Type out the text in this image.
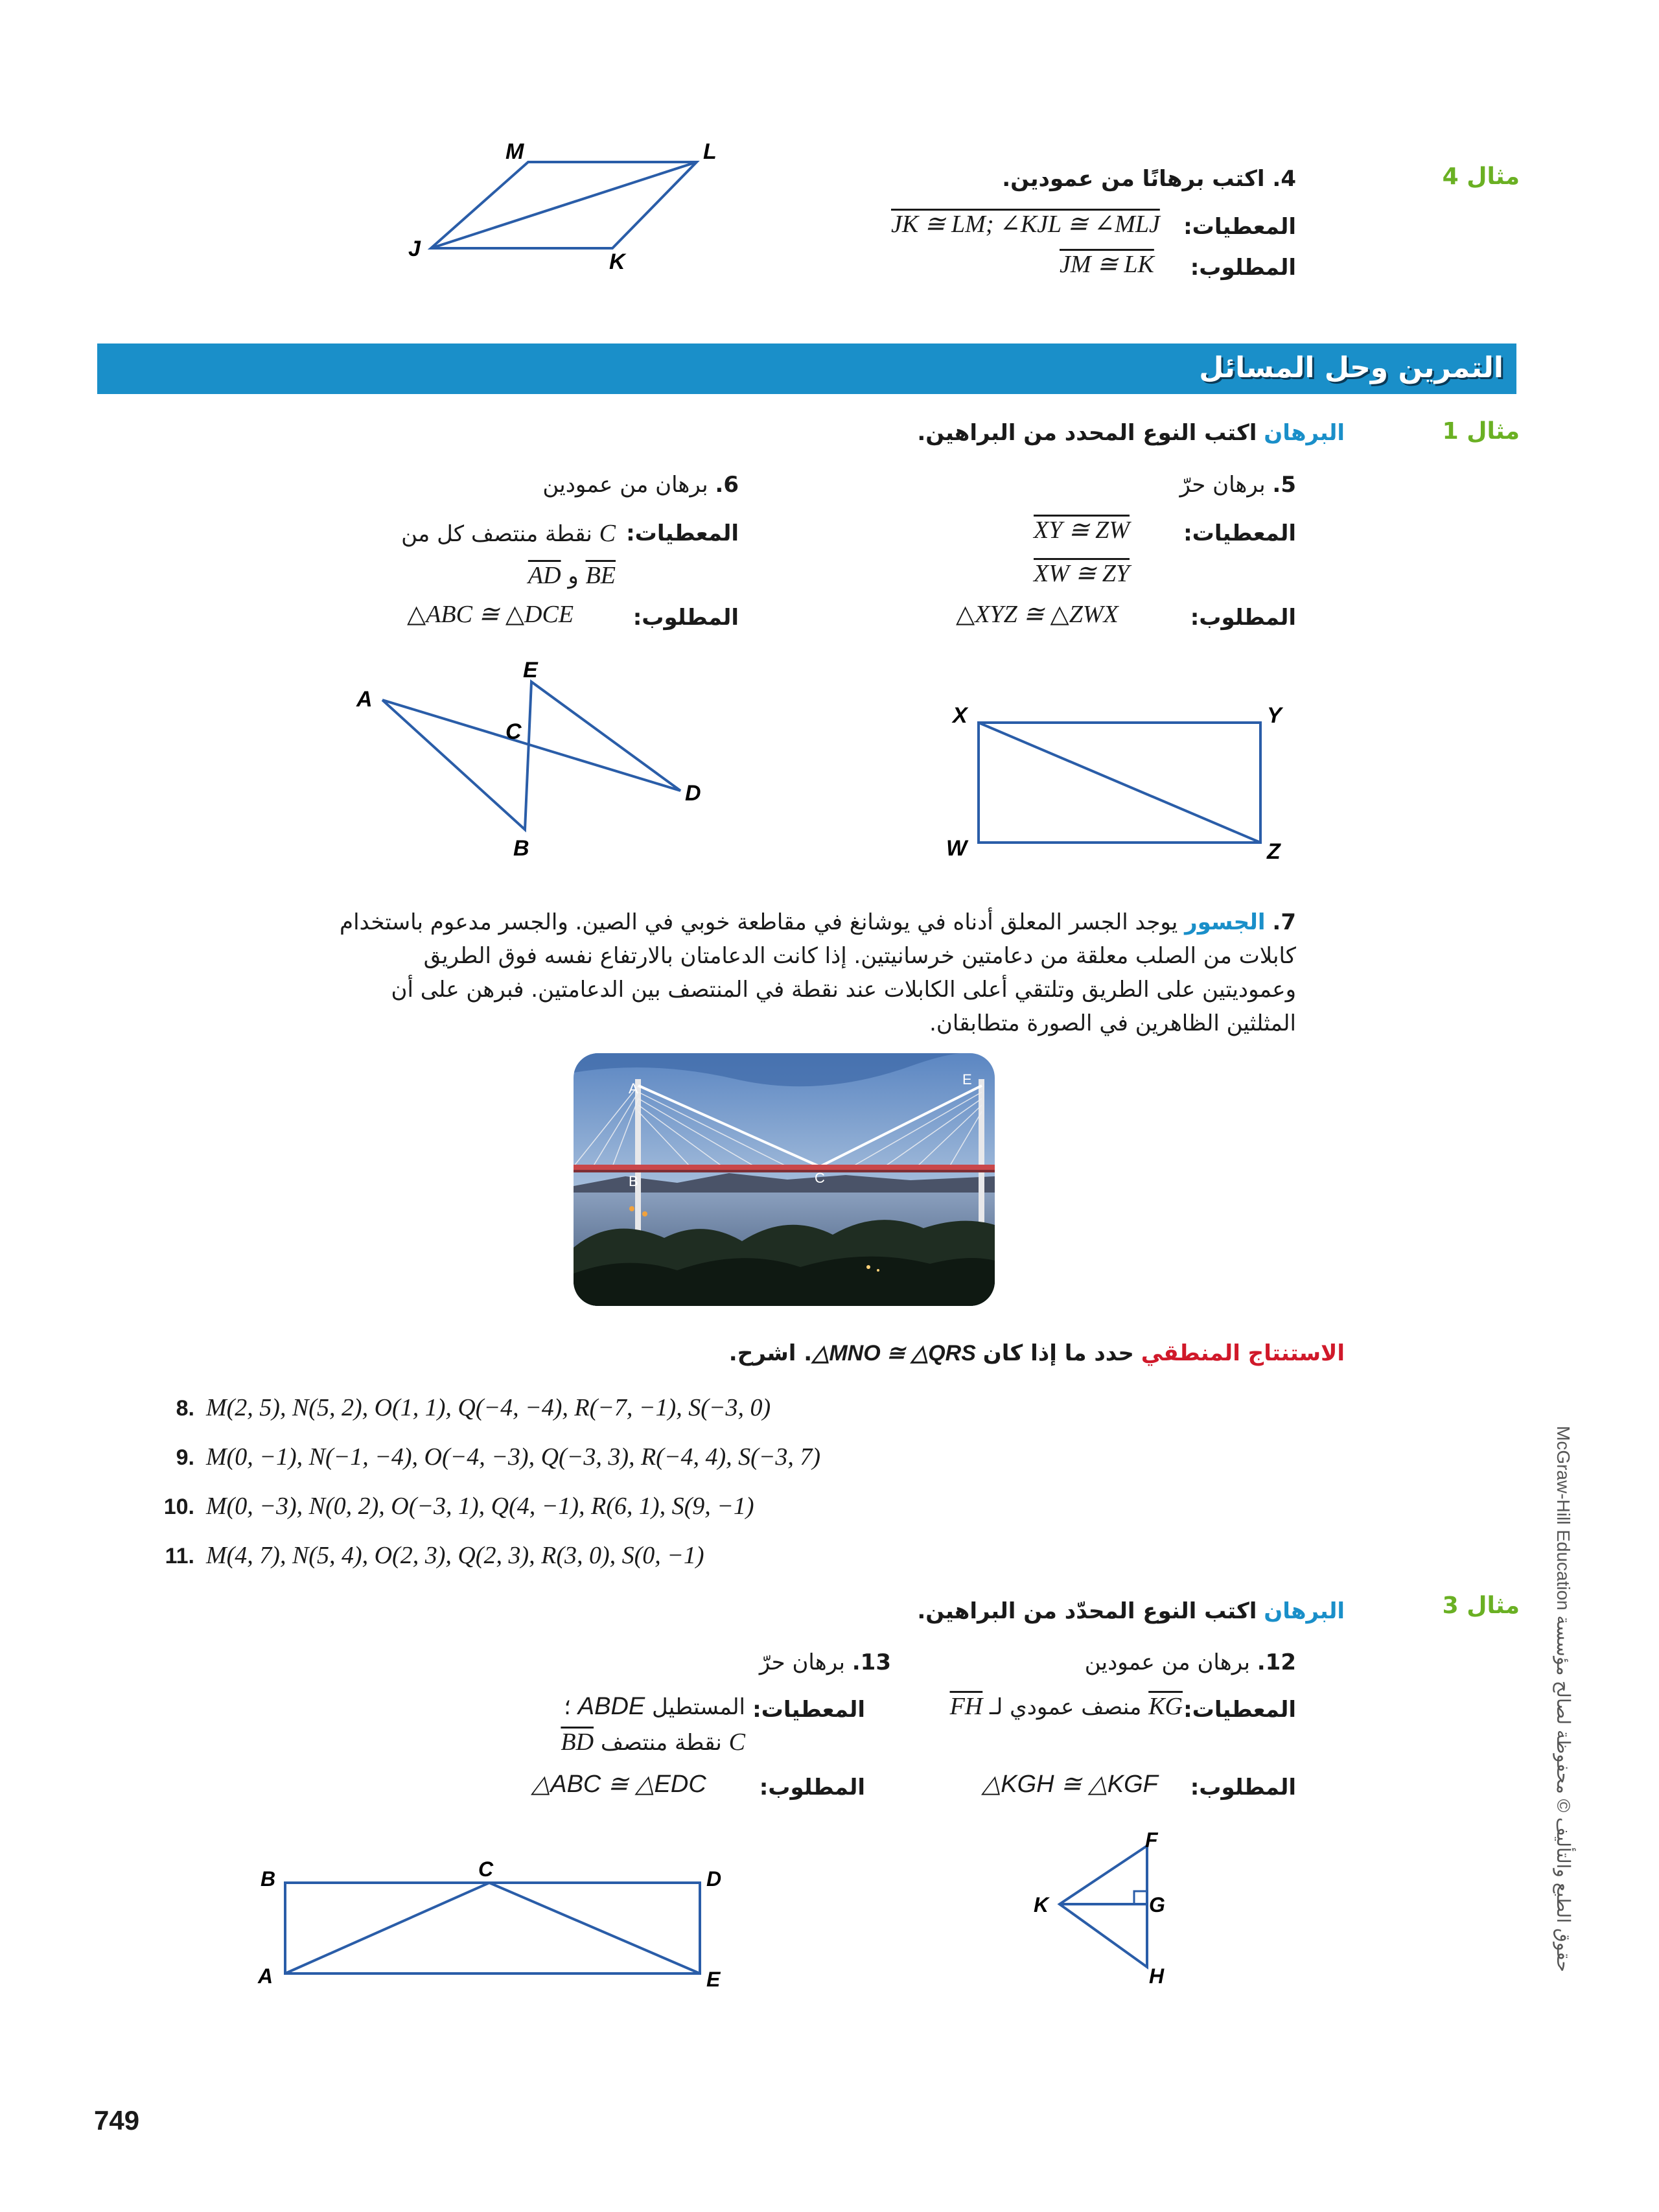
مثال 4
4. اكتب برهانًا من عمودين.
المعطيات:
JK ≅ LM; ∠KJL ≅ ∠MLJ
المطلوب:
JM ≅ LK
M	L
J
K
التمرين وحل المسائل
مثال 1
البرهان اكتب النوع المحدد من البراهين.
5. برهان حرّ
المعطيات:
XY ≅ ZW
XW ≅ ZY
المطلوب:
△XYZ ≅ △ZWX
X	Y
W	Z
6. برهان من عمودين
المعطيات:
C نقطة منتصف كل من
BE و AD
المطلوب:
△ABC ≅ △DCE
A
E
C
D
B
7. الجسور يوجد الجسر المعلق أدناه في يوشانغ في مقاطعة خوبي في الصين. والجسر مدعوم باستخدام
كابلات من الصلب معلقة من دعامتين خرسانيتين. إذا كانت الدعامتان بالارتفاع نفسه فوق الطريق
وعموديتين على الطريق وتلتقي أعلى الكابلات عند نقطة في المنتصف بين الدعامتين. فبرهن على أن
المثلثين الظاهرين في الصورة متطابقان.
A
E
B	C
الاستنتاج المنطقي حدد ما إذا كان △MNO ≅ △QRS. اشرح.
8. M(2, 5), N(5, 2), O(1, 1), Q(−4, −4), R(−7, −1), S(−3, 0)
9. M(0, −1), N(−1, −4), O(−4, −3), Q(−3, 3), R(−4, 4), S(−3, 7)
10. M(0, −3), N(0, 2), O(−3, 1), Q(4, −1), R(6, 1), S(9, −1)
11. M(4, 7), N(5, 4), O(2, 3), Q(2, 3), R(3, 0), S(0, −1)
مثال 3
البرهان اكتب النوع المحدّد من البراهين.
12. برهان من عمودين
المعطيات:
KG منصف عمودي لـ FH
المطلوب:
△KGH ≅ △KGF
F
K	G
H
13. برهان حرّ
المعطيات:
المستطيل ABDE ؛
C نقطة منتصف BD
المطلوب:
△ABC ≅ △EDC
B	C	D
A	E
McGraw-Hill Education حقوق الطبع والتأليف © محفوظة لصالح مؤسسة
749
